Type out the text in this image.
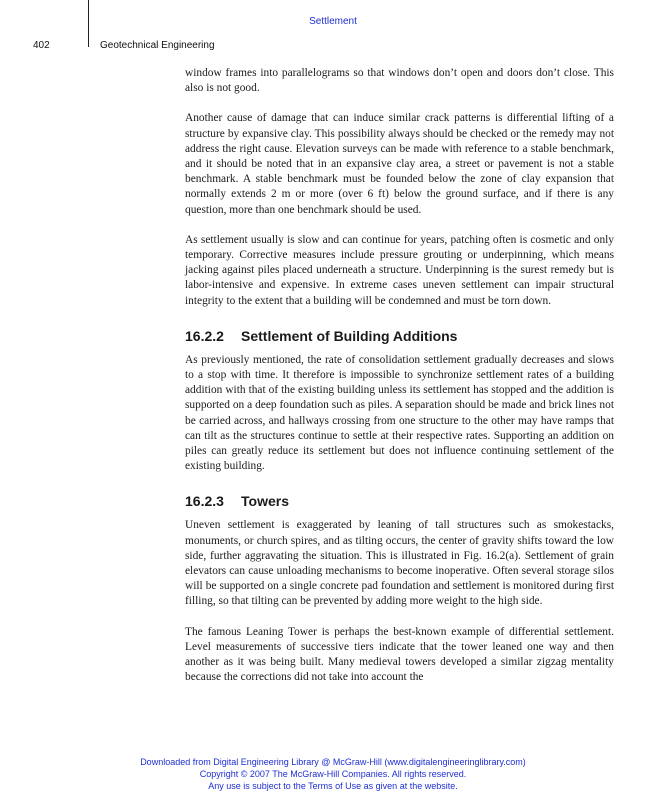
Settlement
402	Geotechnical Engineering

window frames into parallelograms so that windows don’t open and doors don’t close. This also is not good.

Another cause of damage that can induce similar crack patterns is differential lifting of a structure by expansive clay. This possibility always should be checked or the remedy may not address the right cause. Elevation surveys can be made with reference to a stable benchmark, and it should be noted that in an expansive clay area, a street or pavement is not a stable benchmark. A stable benchmark must be founded below the zone of clay expansion that normally extends 2 m or more (over 6 ft) below the ground surface, and if there is any question, more than one benchmark should be used.

As settlement usually is slow and can continue for years, patching often is cosmetic and only temporary. Corrective measures include pressure grouting or underpinning, which means jacking against piles placed underneath a structure. Underpinning is the surest remedy but is labor-intensive and expensive. In extreme cases uneven settlement can impair structural integrity to the extent that a building will be condemned and must be torn down.

16.2.2 Settlement of Building Additions

As previously mentioned, the rate of consolidation settlement gradually decreases and slows to a stop with time. It therefore is impossible to synchronize settlement rates of a building addition with that of the existing building unless its settlement has stopped and the addition is supported on a deep foundation such as piles. A separation should be made and brick lines not be carried across, and hallways crossing from one structure to the other may have ramps that can tilt as the structures continue to settle at their respective rates. Supporting an addition on piles can greatly reduce its settlement but does not influence continuing settlement of the existing building.

16.2.3 Towers

Uneven settlement is exaggerated by leaning of tall structures such as smokestacks, monuments, or church spires, and as tilting occurs, the center of gravity shifts toward the low side, further aggravating the situation. This is illustrated in Fig. 16.2(a). Settlement of grain elevators can cause unloading mechanisms to become inoperative. Often several storage silos will be supported on a single concrete pad foundation and settlement is monitored during first filling, so that tilting can be prevented by adding more weight to the high side.

The famous Leaning Tower is perhaps the best-known example of differential settlement. Level measurements of successive tiers indicate that the tower leaned one way and then another as it was being built. Many medieval towers developed a similar zigzag mentality because the corrections did not take into account the

Downloaded from Digital Engineering Library @ McGraw-Hill (www.digitalengineeringlibrary.com)
Copyright © 2007 The McGraw-Hill Companies. All rights reserved.
Any use is subject to the Terms of Use as given at the website.
